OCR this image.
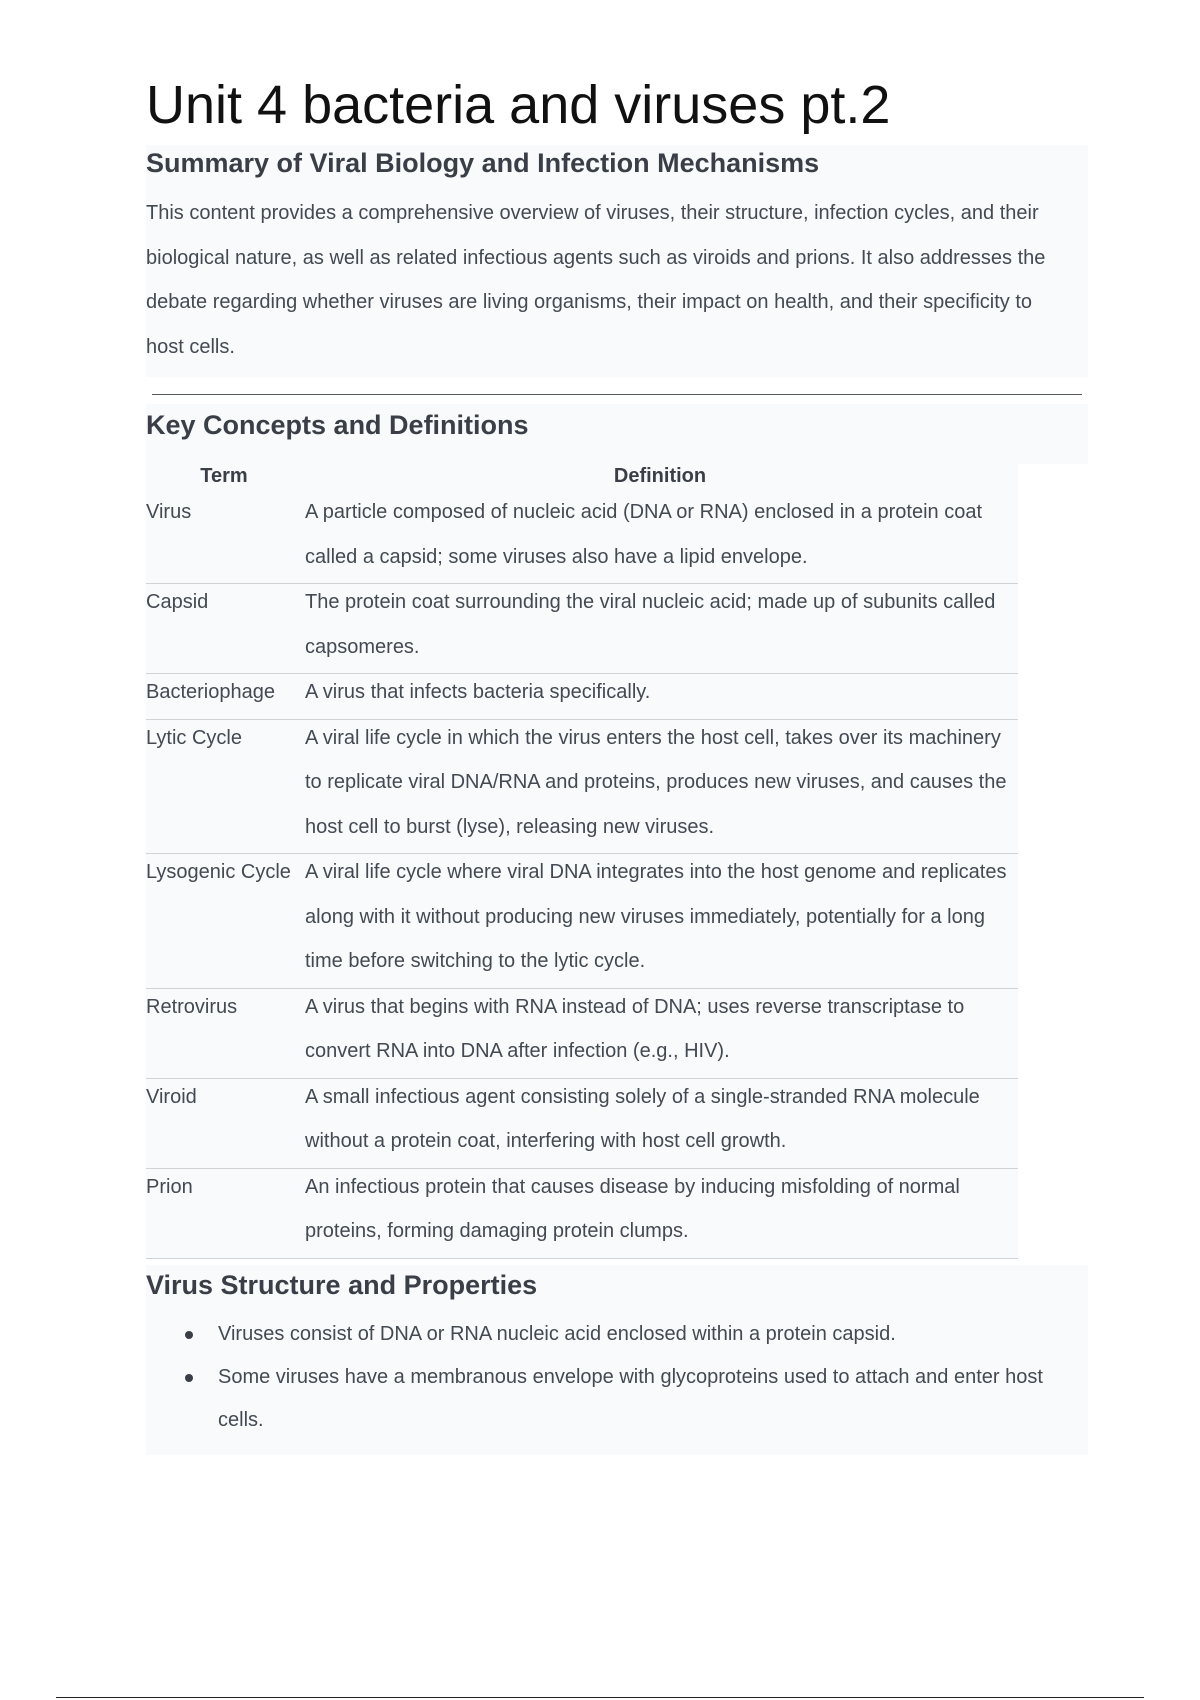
Unit 4 bacteria and viruses pt.2
Summary of Viral Biology and Infection Mechanisms

This content provides a comprehensive overview of viruses, their structure, infection cycles, and their biological nature, as well as related infectious agents such as viroids and prions. It also addresses the debate regarding whether viruses are living organisms, their impact on health, and their specificity to host cells.

Key Concepts and Definitions
Term	Definition

Virus	A particle composed of nucleic acid (DNA or RNA) enclosed in a protein coat called a capsid; some viruses also have a lipid envelope.

Capsid	The protein coat surrounding the viral nucleic acid; made up of subunits called capsomeres.

Bacteriophage	A virus that infects bacteria specifically.

Lytic Cycle	A viral life cycle in which the virus enters the host cell, takes over its machinery to replicate viral DNA/RNA and proteins, produces new viruses, and causes the host cell to burst (lyse), releasing new viruses.

Lysogenic Cycle	A viral life cycle where viral DNA integrates into the host genome and replicates along with it without producing new viruses immediately, potentially for a long time before switching to the lytic cycle.

Retrovirus	A virus that begins with RNA instead of DNA; uses reverse transcriptase to convert RNA into DNA after infection (e.g., HIV).

Viroid	A small infectious agent consisting solely of a single-stranded RNA molecule without a protein coat, interfering with host cell growth.

Prion	An infectious protein that causes disease by inducing misfolding of normal proteins, forming damaging protein clumps.
Virus Structure and Properties
Viruses consist of DNA or RNA nucleic acid enclosed within a protein capsid.
Some viruses have a membranous envelope with glycoproteins used to attach and enter host cells.
